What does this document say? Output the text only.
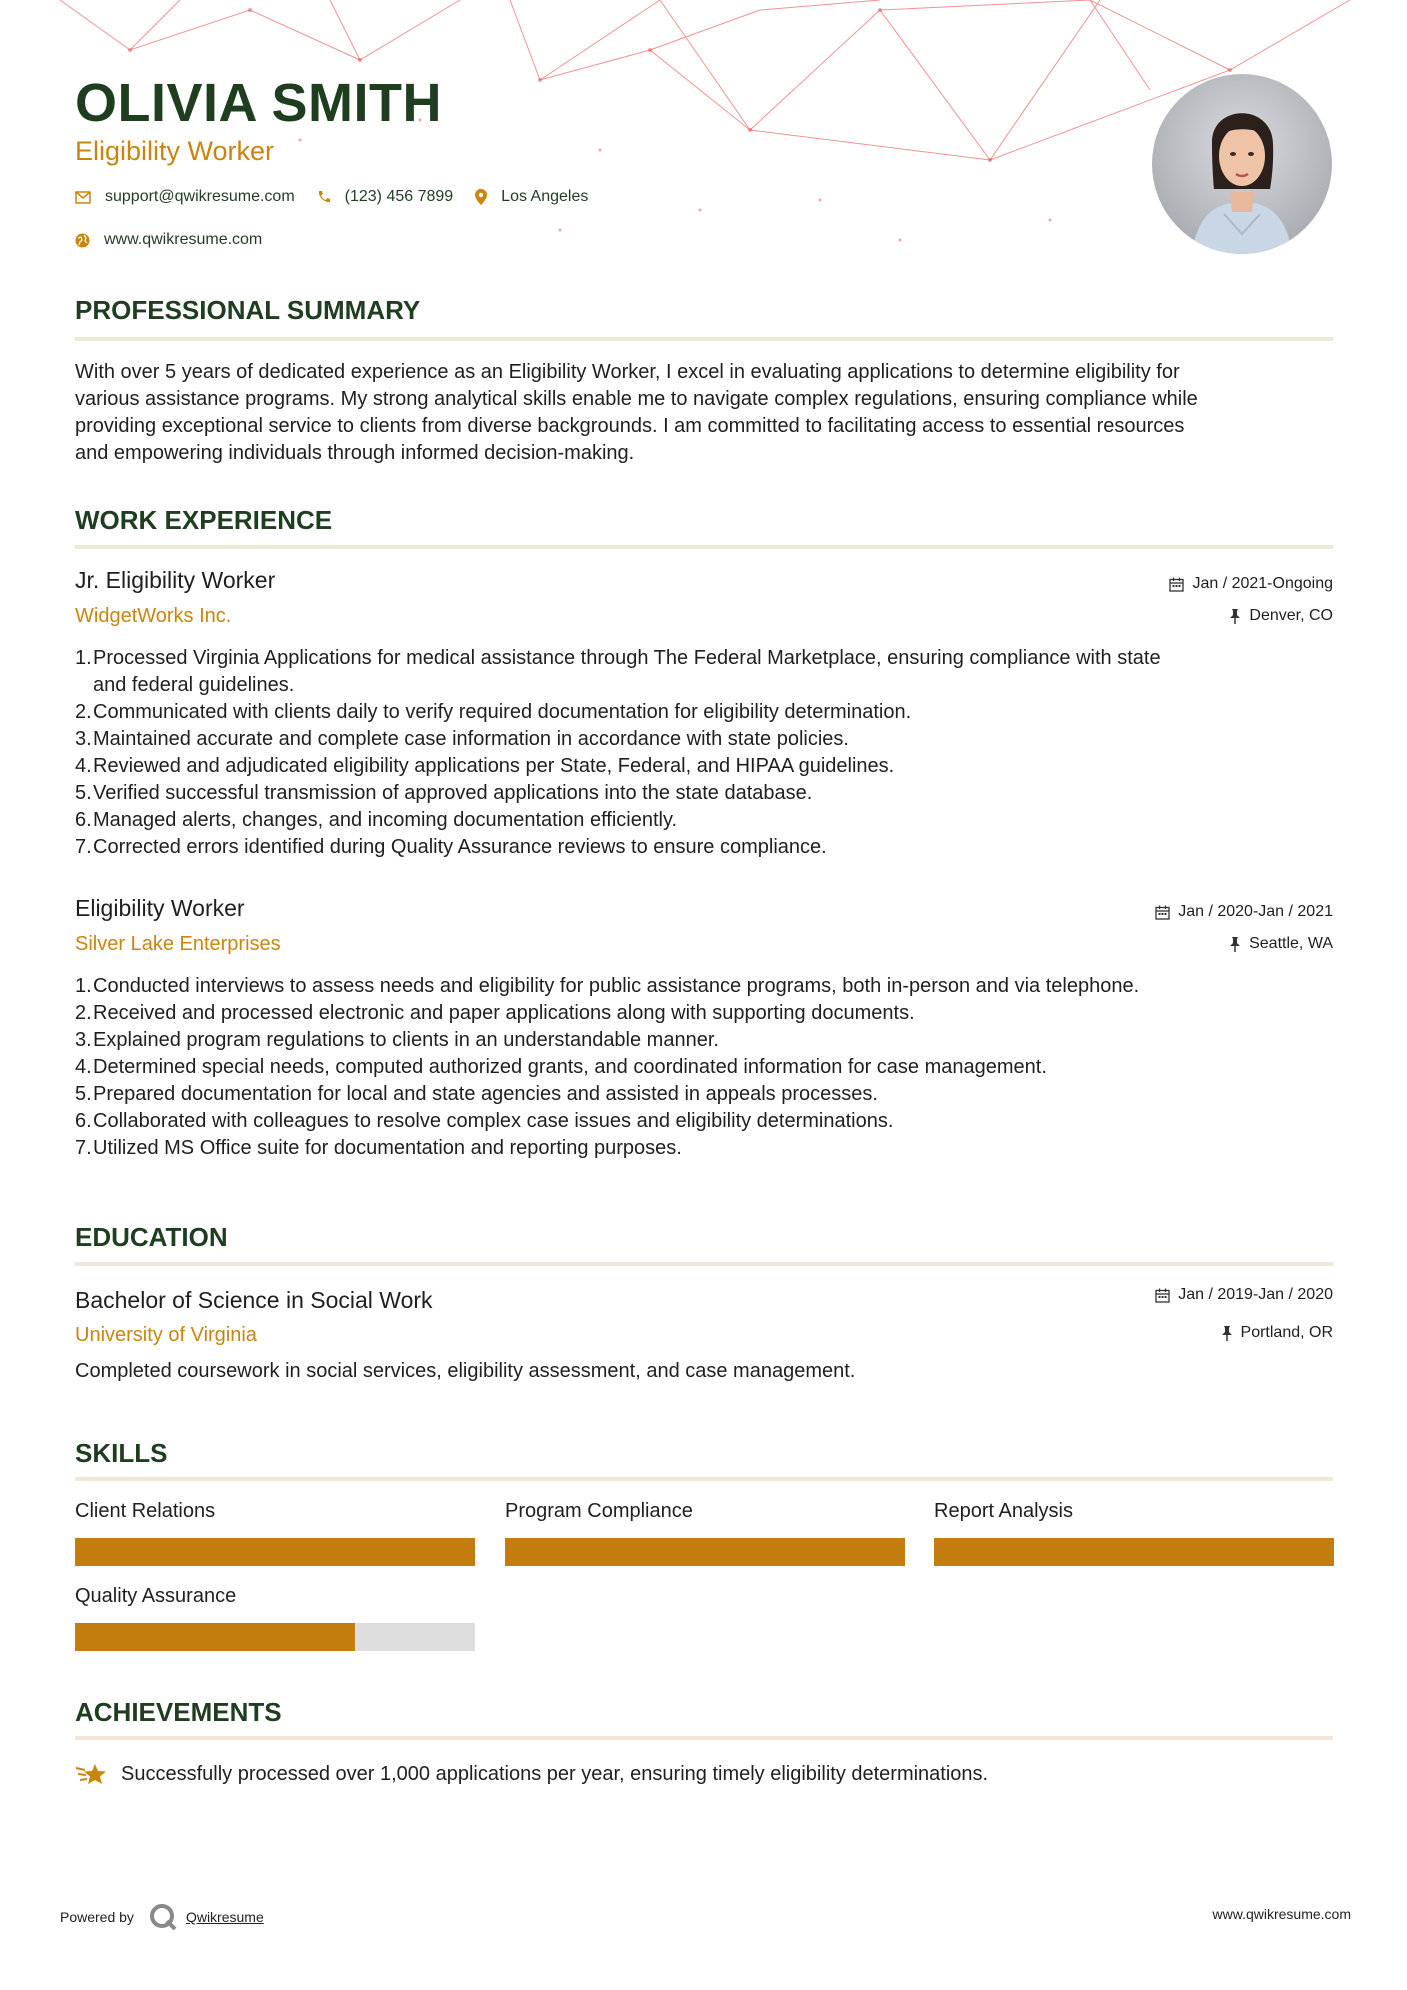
OLIVIA SMITH
Eligibility Worker
support@qwikresume.com	(123) 456 7899	Los Angeles
www.qwikresume.com
PROFESSIONAL SUMMARY
With over 5 years of dedicated experience as an Eligibility Worker, I excel in evaluating applications to determine eligibility for
various assistance programs. My strong analytical skills enable me to navigate complex regulations, ensuring compliance while
providing exceptional service to clients from diverse backgrounds. I am committed to facilitating access to essential resources
and empowering individuals through informed decision-making.
WORK EXPERIENCE
Jr. Eligibility Worker
WidgetWorks Inc.
Jan / 2021-Ongoing
Denver, CO
1. Processed Virginia Applications for medical assistance through The Federal Marketplace, ensuring compliance with state
and federal guidelines.
2. Communicated with clients daily to verify required documentation for eligibility determination.
3. Maintained accurate and complete case information in accordance with state policies.
4. Reviewed and adjudicated eligibility applications per State, Federal, and HIPAA guidelines.
5. Verified successful transmission of approved applications into the state database.
6. Managed alerts, changes, and incoming documentation efficiently.
7. Corrected errors identified during Quality Assurance reviews to ensure compliance.
Eligibility Worker
Silver Lake Enterprises
Jan / 2020-Jan / 2021
Seattle, WA
1. Conducted interviews to assess needs and eligibility for public assistance programs, both in-person and via telephone.
2. Received and processed electronic and paper applications along with supporting documents.
3. Explained program regulations to clients in an understandable manner.
4. Determined special needs, computed authorized grants, and coordinated information for case management.
5. Prepared documentation for local and state agencies and assisted in appeals processes.
6. Collaborated with colleagues to resolve complex case issues and eligibility determinations.
7. Utilized MS Office suite for documentation and reporting purposes.
EDUCATION
Bachelor of Science in Social Work
University of Virginia
Jan / 2019-Jan / 2020
Portland, OR
Completed coursework in social services, eligibility assessment, and case management.
SKILLS
Client Relations	Program Compliance	Report Analysis
Quality Assurance
ACHIEVEMENTS
Successfully processed over 1,000 applications per year, ensuring timely eligibility determinations.
Powered by	Qwikresume	www.qwikresume.com
